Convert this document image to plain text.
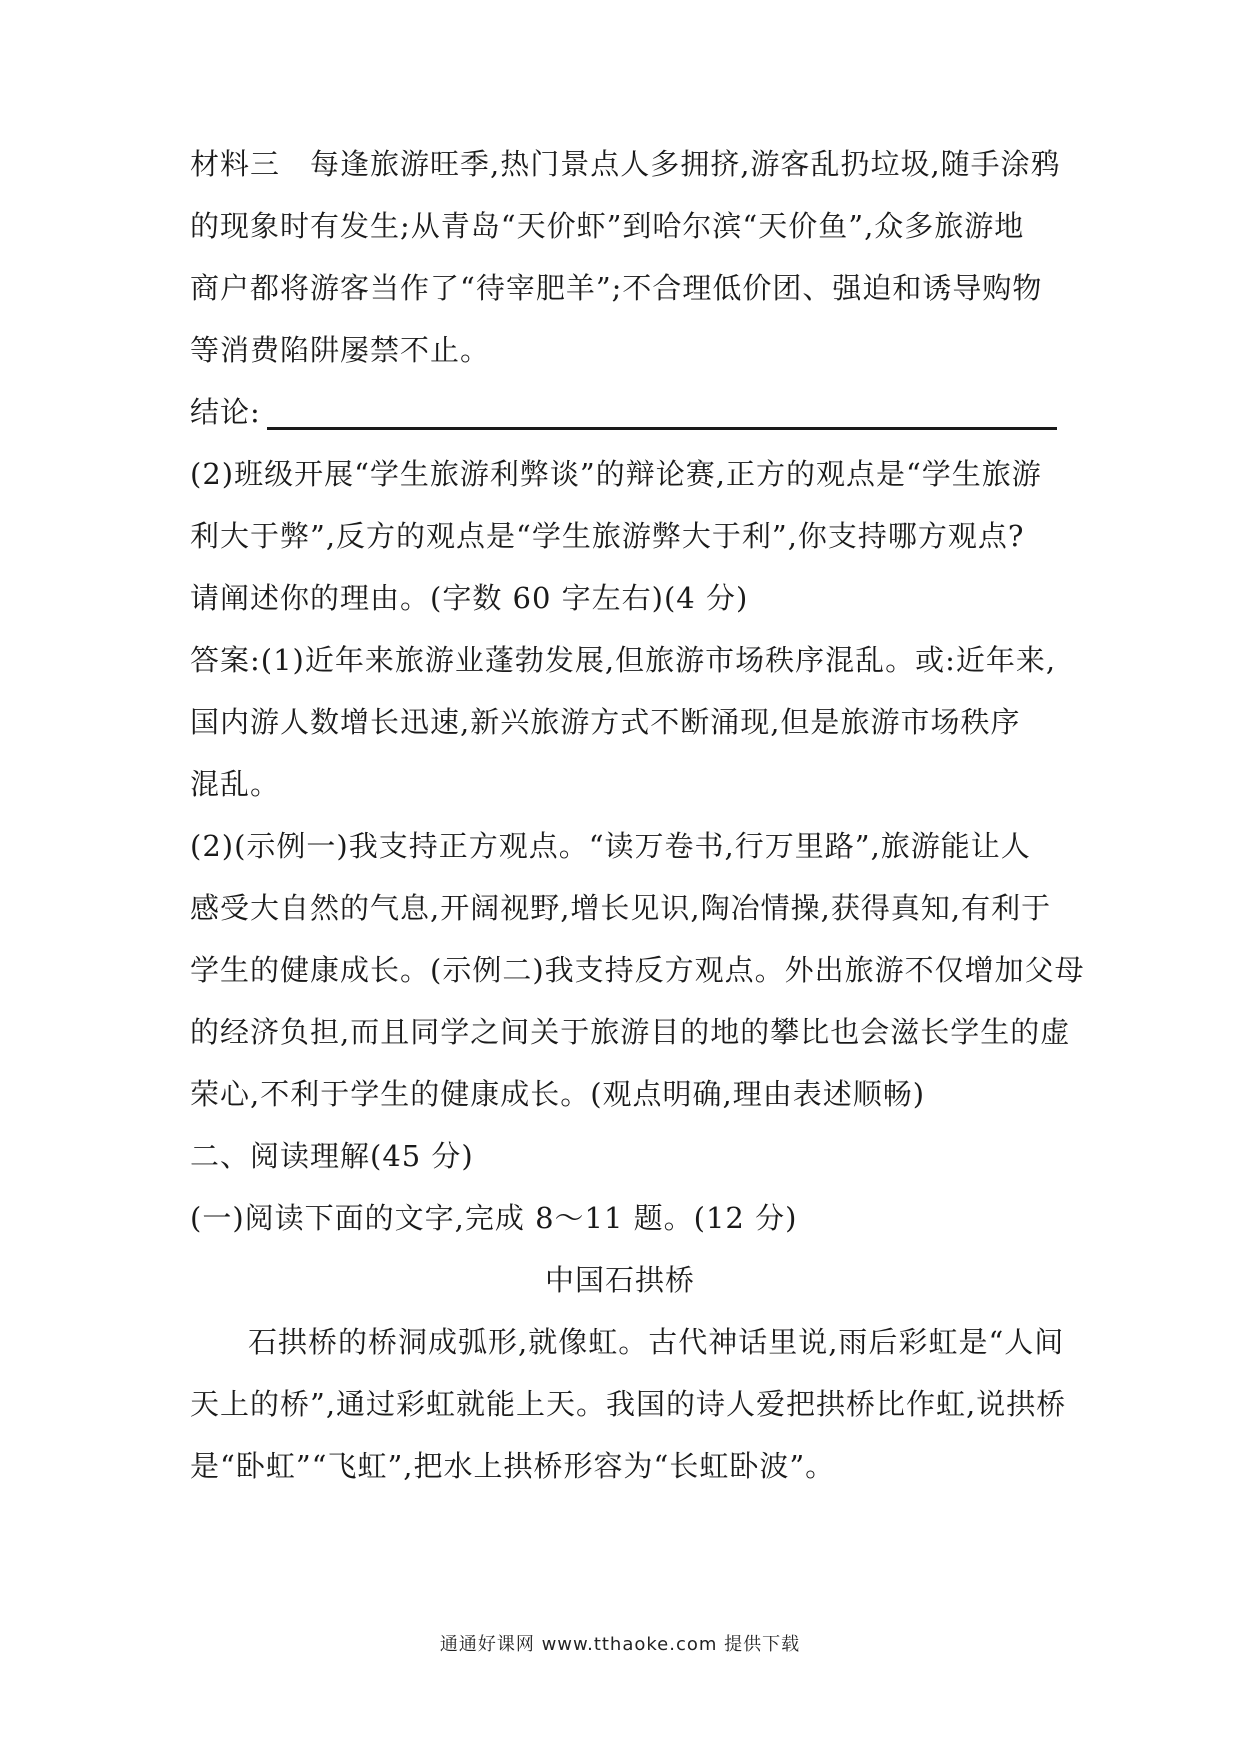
材料三　每逢旅游旺季,热门景点人多拥挤,游客乱扔垃圾,随手涂鸦
的现象时有发生;从青岛“天价虾”到哈尔滨“天价鱼”,众多旅游地
商户都将游客当作了“待宰肥羊”;不合理低价团、强迫和诱导购物
等消费陷阱屡禁不止。
结论:
(2)班级开展“学生旅游利弊谈”的辩论赛,正方的观点是“学生旅游
利大于弊”,反方的观点是“学生旅游弊大于利”,你支持哪方观点?
请阐述你的理由。(字数 60 字左右)(4 分)
答案:(1)近年来旅游业蓬勃发展,但旅游市场秩序混乱。或:近年来,
国内游人数增长迅速,新兴旅游方式不断涌现,但是旅游市场秩序
混乱。
(2)(示例一)我支持正方观点。“读万卷书,行万里路”,旅游能让人
感受大自然的气息,开阔视野,增长见识,陶冶情操,获得真知,有利于
学生的健康成长。(示例二)我支持反方观点。外出旅游不仅增加父母
的经济负担,而且同学之间关于旅游目的地的攀比也会滋长学生的虚
荣心,不利于学生的健康成长。(观点明确,理由表述顺畅)
二、阅读理解(45 分)
(一)阅读下面的文字,完成 8～11 题。(12 分)
中国石拱桥
石拱桥的桥洞成弧形,就像虹。古代神话里说,雨后彩虹是“人间
天上的桥”,通过彩虹就能上天。我国的诗人爱把拱桥比作虹,说拱桥
是“卧虹”“飞虹”,把水上拱桥形容为“长虹卧波”。
通通好课网 www.tthaoke.com 提供下载
